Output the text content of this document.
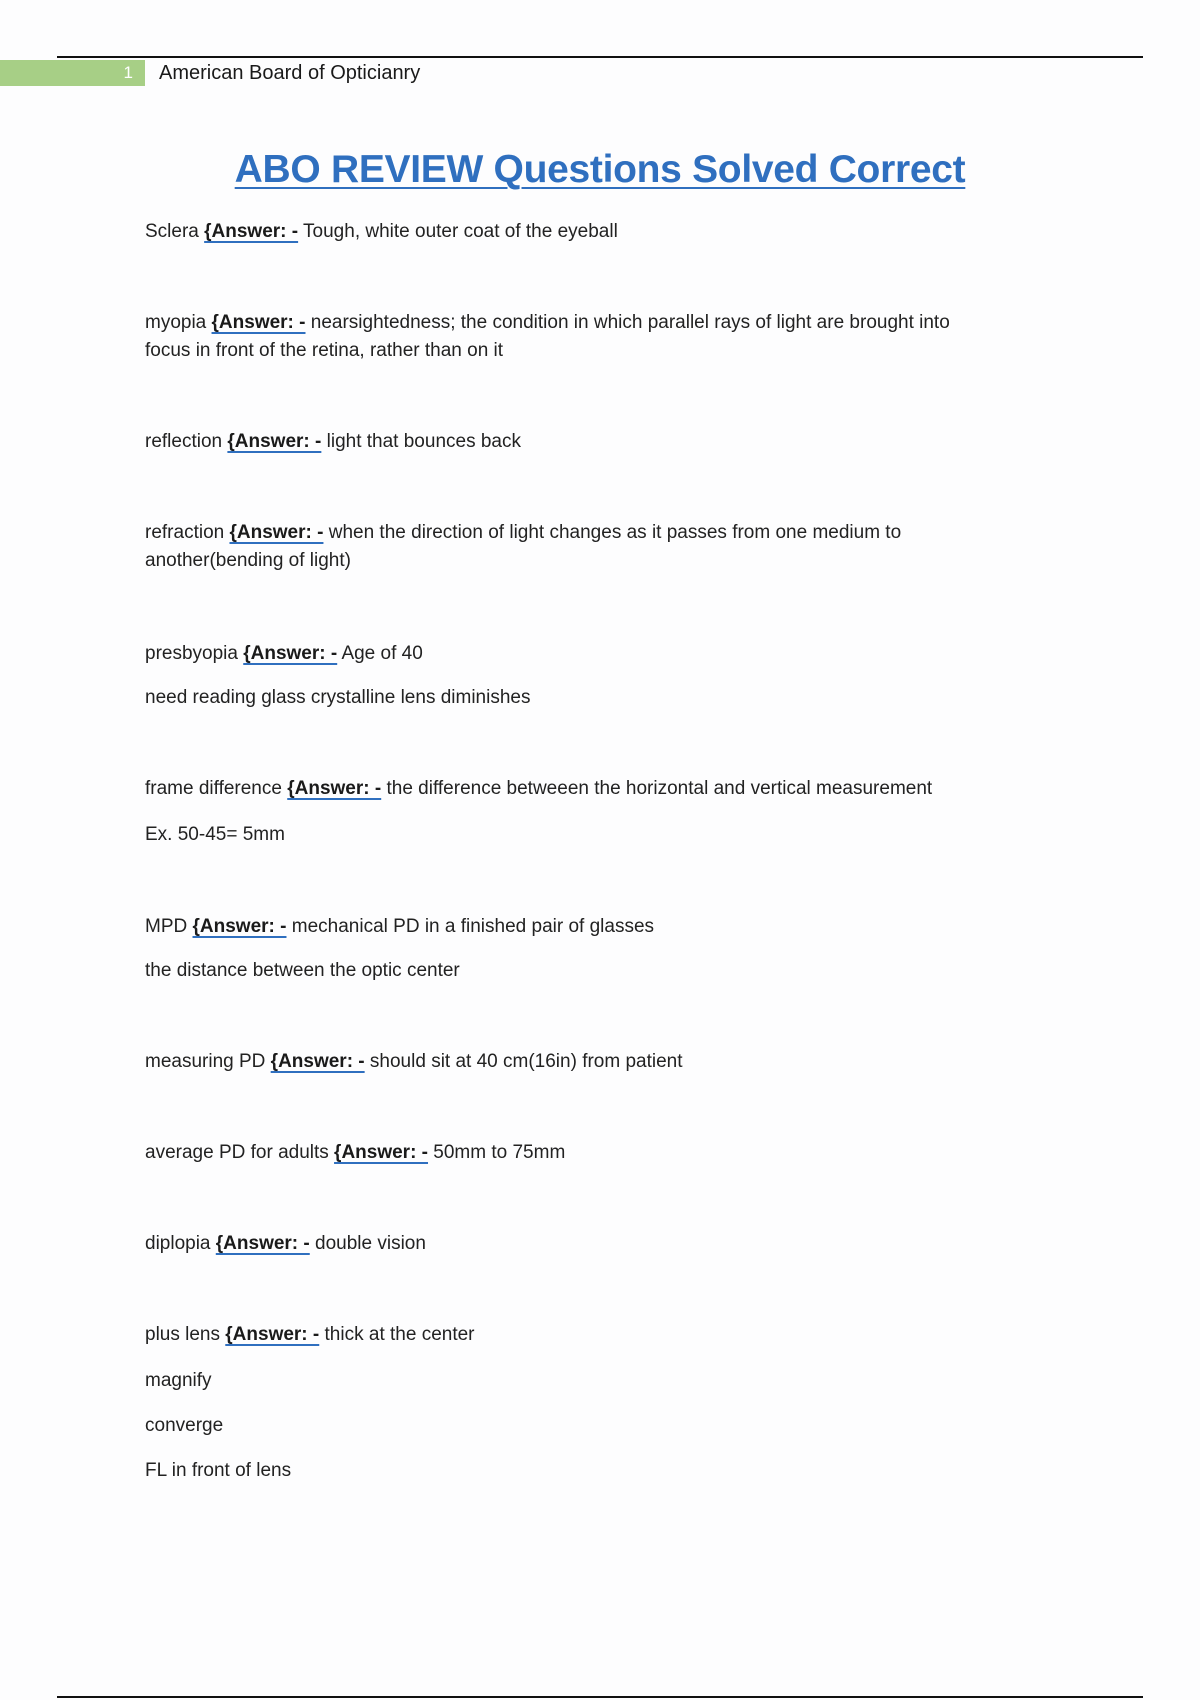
1 American Board of Opticianry
ABO REVIEW Questions Solved Correct
Sclera {Answer: - Tough, white outer coat of the eyeball
myopia {Answer: - nearsightedness; the condition in which parallel rays of light are brought into
focus in front of the retina, rather than on it
reflection {Answer: - light that bounces back
refraction {Answer: - when the direction of light changes as it passes from one medium to
another(bending of light)
presbyopia {Answer: - Age of 40
need reading glass crystalline lens diminishes
frame difference {Answer: - the difference betweeen the horizontal and vertical measurement
Ex. 50-45= 5mm
MPD {Answer: - mechanical PD in a finished pair of glasses
the distance between the optic center
measuring PD {Answer: - should sit at 40 cm(16in) from patient
average PD for adults {Answer: - 50mm to 75mm
diplopia {Answer: - double vision
plus lens {Answer: - thick at the center
magnify
converge
FL in front of lens
